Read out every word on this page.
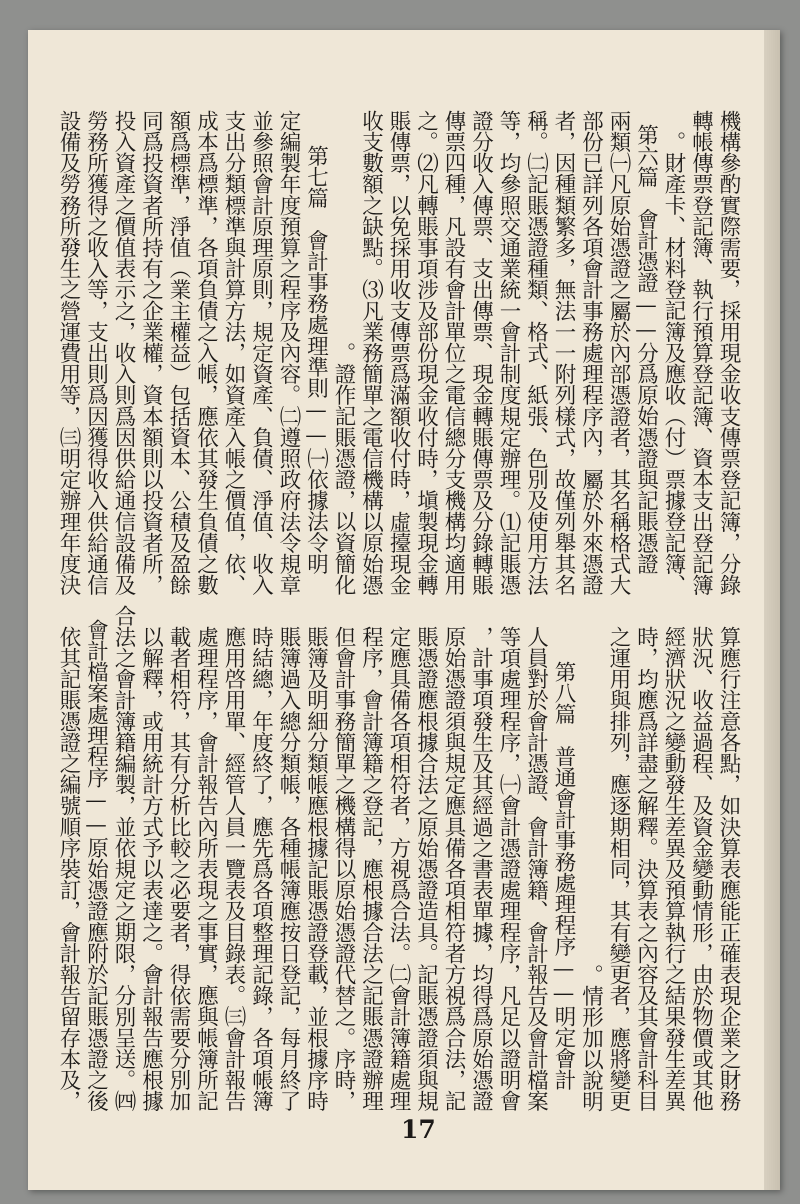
機構參酌實際需要，採用現金收支傳票登記簿，分錄

轉帳傳票登記簿、執行預算登記簿、資本支出登記簿

、財產卡、材料登記簿及應收（付）票據登記簿。

　第六篇　會計憑證——分爲原始憑證與記賬憑證

兩類㈠凡原始憑證之屬於內部憑證者，其名稱格式大

部份已詳列各項會計事務處理程序內，屬於外來憑證

者，因種類繁多，無法一一附列樣式，故僅列舉其名

稱。㈡記賬憑證種類、格式、紙張、色別及使用方法

等，均參照交通業統一會計制度規定辦理。⑴記賬憑

證分收入傳票、支出傳票、現金轉賬傳票及分錄轉賬

傳票四種，凡設有會計單位之電信總分支機構均適用

之。⑵凡轉賬事項涉及部份現金收付時，塡製現金轉

賬傳票，以免採用收支傳票爲滿額收付時，虛擡現金

收支數額之缺點。⑶凡業務簡單之電信機構以原始憑

證作記賬憑證，以資簡化。

　第七篇　會計事務處理準則——㈠依據法令明

定編製年度預算之程序及內容。㈡遵照政府法令規章

並參照會計原理原則，規定資產、負債、淨值、收入

、支出分類標準與計算方法，如資產入帳之價值，依

成本爲標準，各項負債之入帳，應依其發生負債之數

額爲標準，淨值（業主權益）包括資本、公積及盈餘

，同爲投資者所持有之企業權，資本額則以投資者所

投入資產之價值表示之，收入則爲因供給通信設備及

勞務所獲得之收入等，支出則爲因獲得收入供給通信

設備及勞務所發生之營運費用等，㈢明定辦理年度決

算應行注意各點，如決算表應能正確表現企業之財務

狀況、收益過程、及資金變動情形，由於物價或其他

經濟狀況之變動發生差異及預算執行之結果發生差異

時，均應爲詳盡之解釋。決算表之內容及其會計科目

之運用與排列，應逐期相同，其有變更者，應將變更

情形加以說明。

　第八篇　普通會計事務處理程序——明定會計

人員對於會計憑證、會計簿籍、會計報告及會計檔案

等項處理程序，㈠會計憑證處理程序，凡足以證明會

計事項發生及其經過之書表單據，均得爲原始憑證，

原始憑證須與規定應具備各項相符者方視爲合法，記

賬憑證應根據合法之原始憑證造具。記賬憑證須與規

定應具備各項相符者，方視爲合法。㈡會計簿籍處理

程序，會計簿籍之登記，應根據合法之記賬憑證辦理

，但會計事務簡單之機構得以原始憑證代替之。序時

賬簿及明細分類帳應根據記賬憑證登載，並根據序時

賬簿過入總分類帳，各種帳簿應按日登記，每月終了

時結總，年度終了，應先爲各項整理記錄，各項帳簿

應用啓用單、經管人員一覽表及目錄表。㈢會計報告

處理程序，會計報告內所表現之事實，應與帳簿所記

載者相符，其有分析比較之必要者，得依需要分別加

以解釋，或用統計方式予以表達之。會計報告應根據

合法之會計簿籍編製，並依規定之期限，分別呈送。㈣

會計檔案處理程序——原始憑證應附於記賬憑證之後

，依其記賬憑證之編號順序裝訂，會計報告留存本及

17
